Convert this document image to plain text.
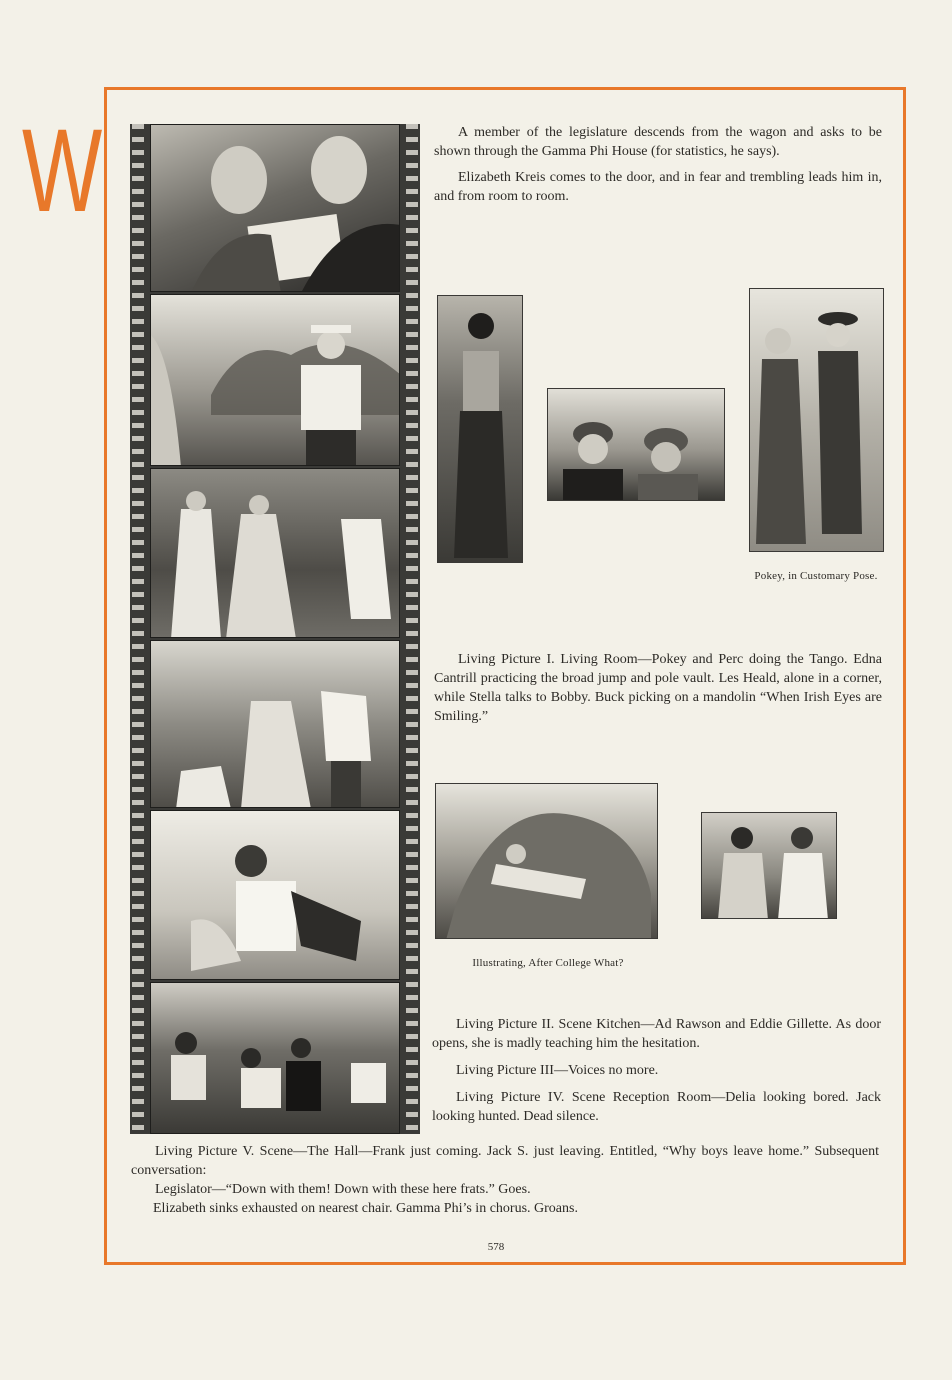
W	A member of the legislature descends from the wagon and asks to be shown through the Gamma Phi House (for statistics, he says).

Elizabeth Kreis comes to the door, and in fear and trembling leads him in, and from room to room.

Pokey, in Customary Pose.

Living Picture I. Living Room—Pokey and Perc doing the Tango. Edna Cantrill practicing the broad jump and pole vault. Les Heald, alone in a corner, while Stella talks to Bobby. Buck picking on a mandolin “When Irish Eyes are Smiling.”

Illustrating, After College What?

Living Picture II. Scene Kitchen—Ad Rawson and Eddie Gillette. As door opens, she is madly teaching him the hesitation.

Living Picture III—Voices no more.

Living Picture IV. Scene Reception Room—Delia looking bored. Jack looking hunted. Dead silence.

Living Picture V. Scene—The Hall—Frank just coming. Jack S. just leaving. Entitled, “Why boys leave home.” Subsequent conversation:

Legislator—“Down with them! Down with these here frats.” Goes.

Elizabeth sinks exhausted on nearest chair. Gamma Phi’s in chorus. Groans.

578
